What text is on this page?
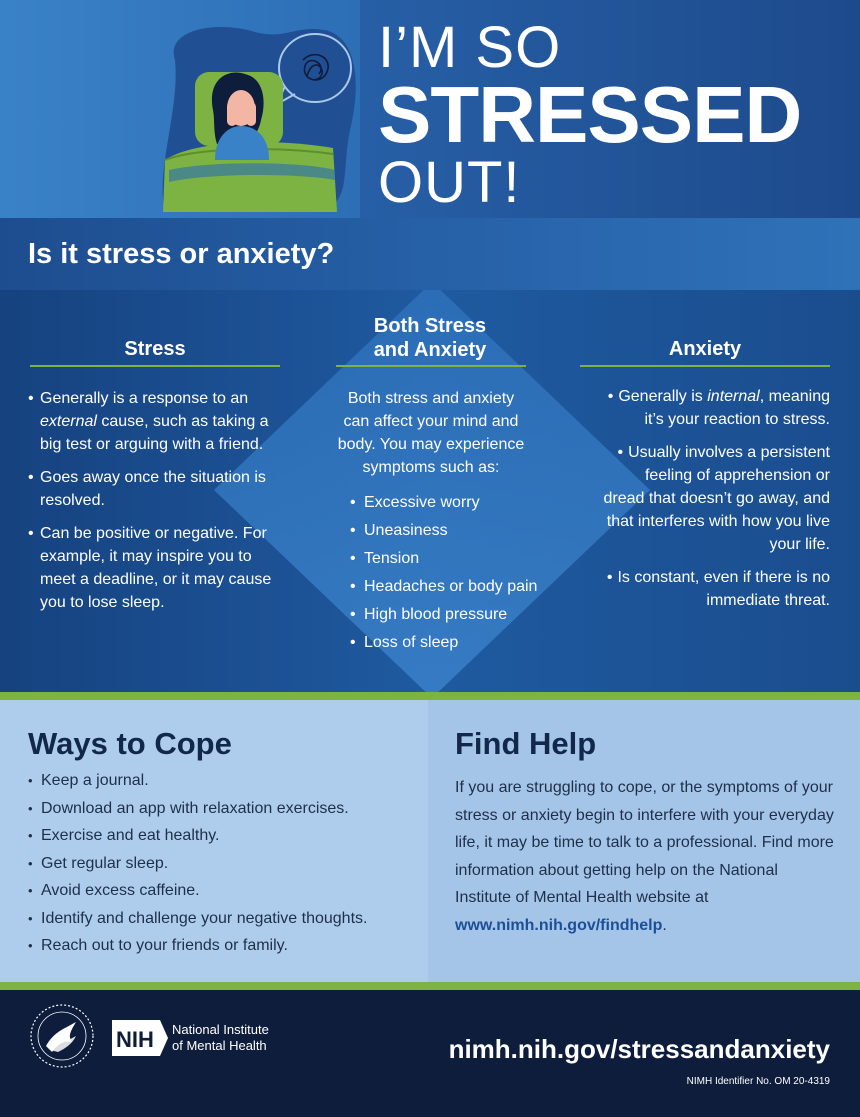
I’M SO
STRESSED
OUT!
Is it stress or anxiety?
Stress
• Generally is a response to an external cause, such as taking a big test or arguing with a friend.
• Goes away once the situation is resolved.
• Can be positive or negative. For example, it may inspire you to meet a deadline, or it may cause you to lose sleep.
Both Stress
and Anxiety
Both stress and anxiety can affect your mind and body. You may experience symptoms such as:
• Excessive worry
• Uneasiness
• Tension
• Headaches or body pain
• High blood pressure
• Loss of sleep
Anxiety
• Generally is internal, meaning it’s your reaction to stress.
• Usually involves a persistent feeling of apprehension or dread that doesn’t go away, and that interferes with how you live your life.
• Is constant, even if there is no immediate threat.
Ways to Cope
• Keep a journal.
• Download an app with relaxation exercises.
• Exercise and eat healthy.
• Get regular sleep.
• Avoid excess caffeine.
• Identify and challenge your negative thoughts.
• Reach out to your friends or family.
Find Help

If you are struggling to cope, or the symptoms of your stress or anxiety begin to interfere with your everyday life, it may be time to talk to a professional. Find more information about getting help on the National Institute of Mental Health website at www.nimh.nih.gov/findhelp.

NIH National Institute
of Mental Health	nimh.nih.gov/stressandanxiety
NIMH Identifier No. OM 20-4319
